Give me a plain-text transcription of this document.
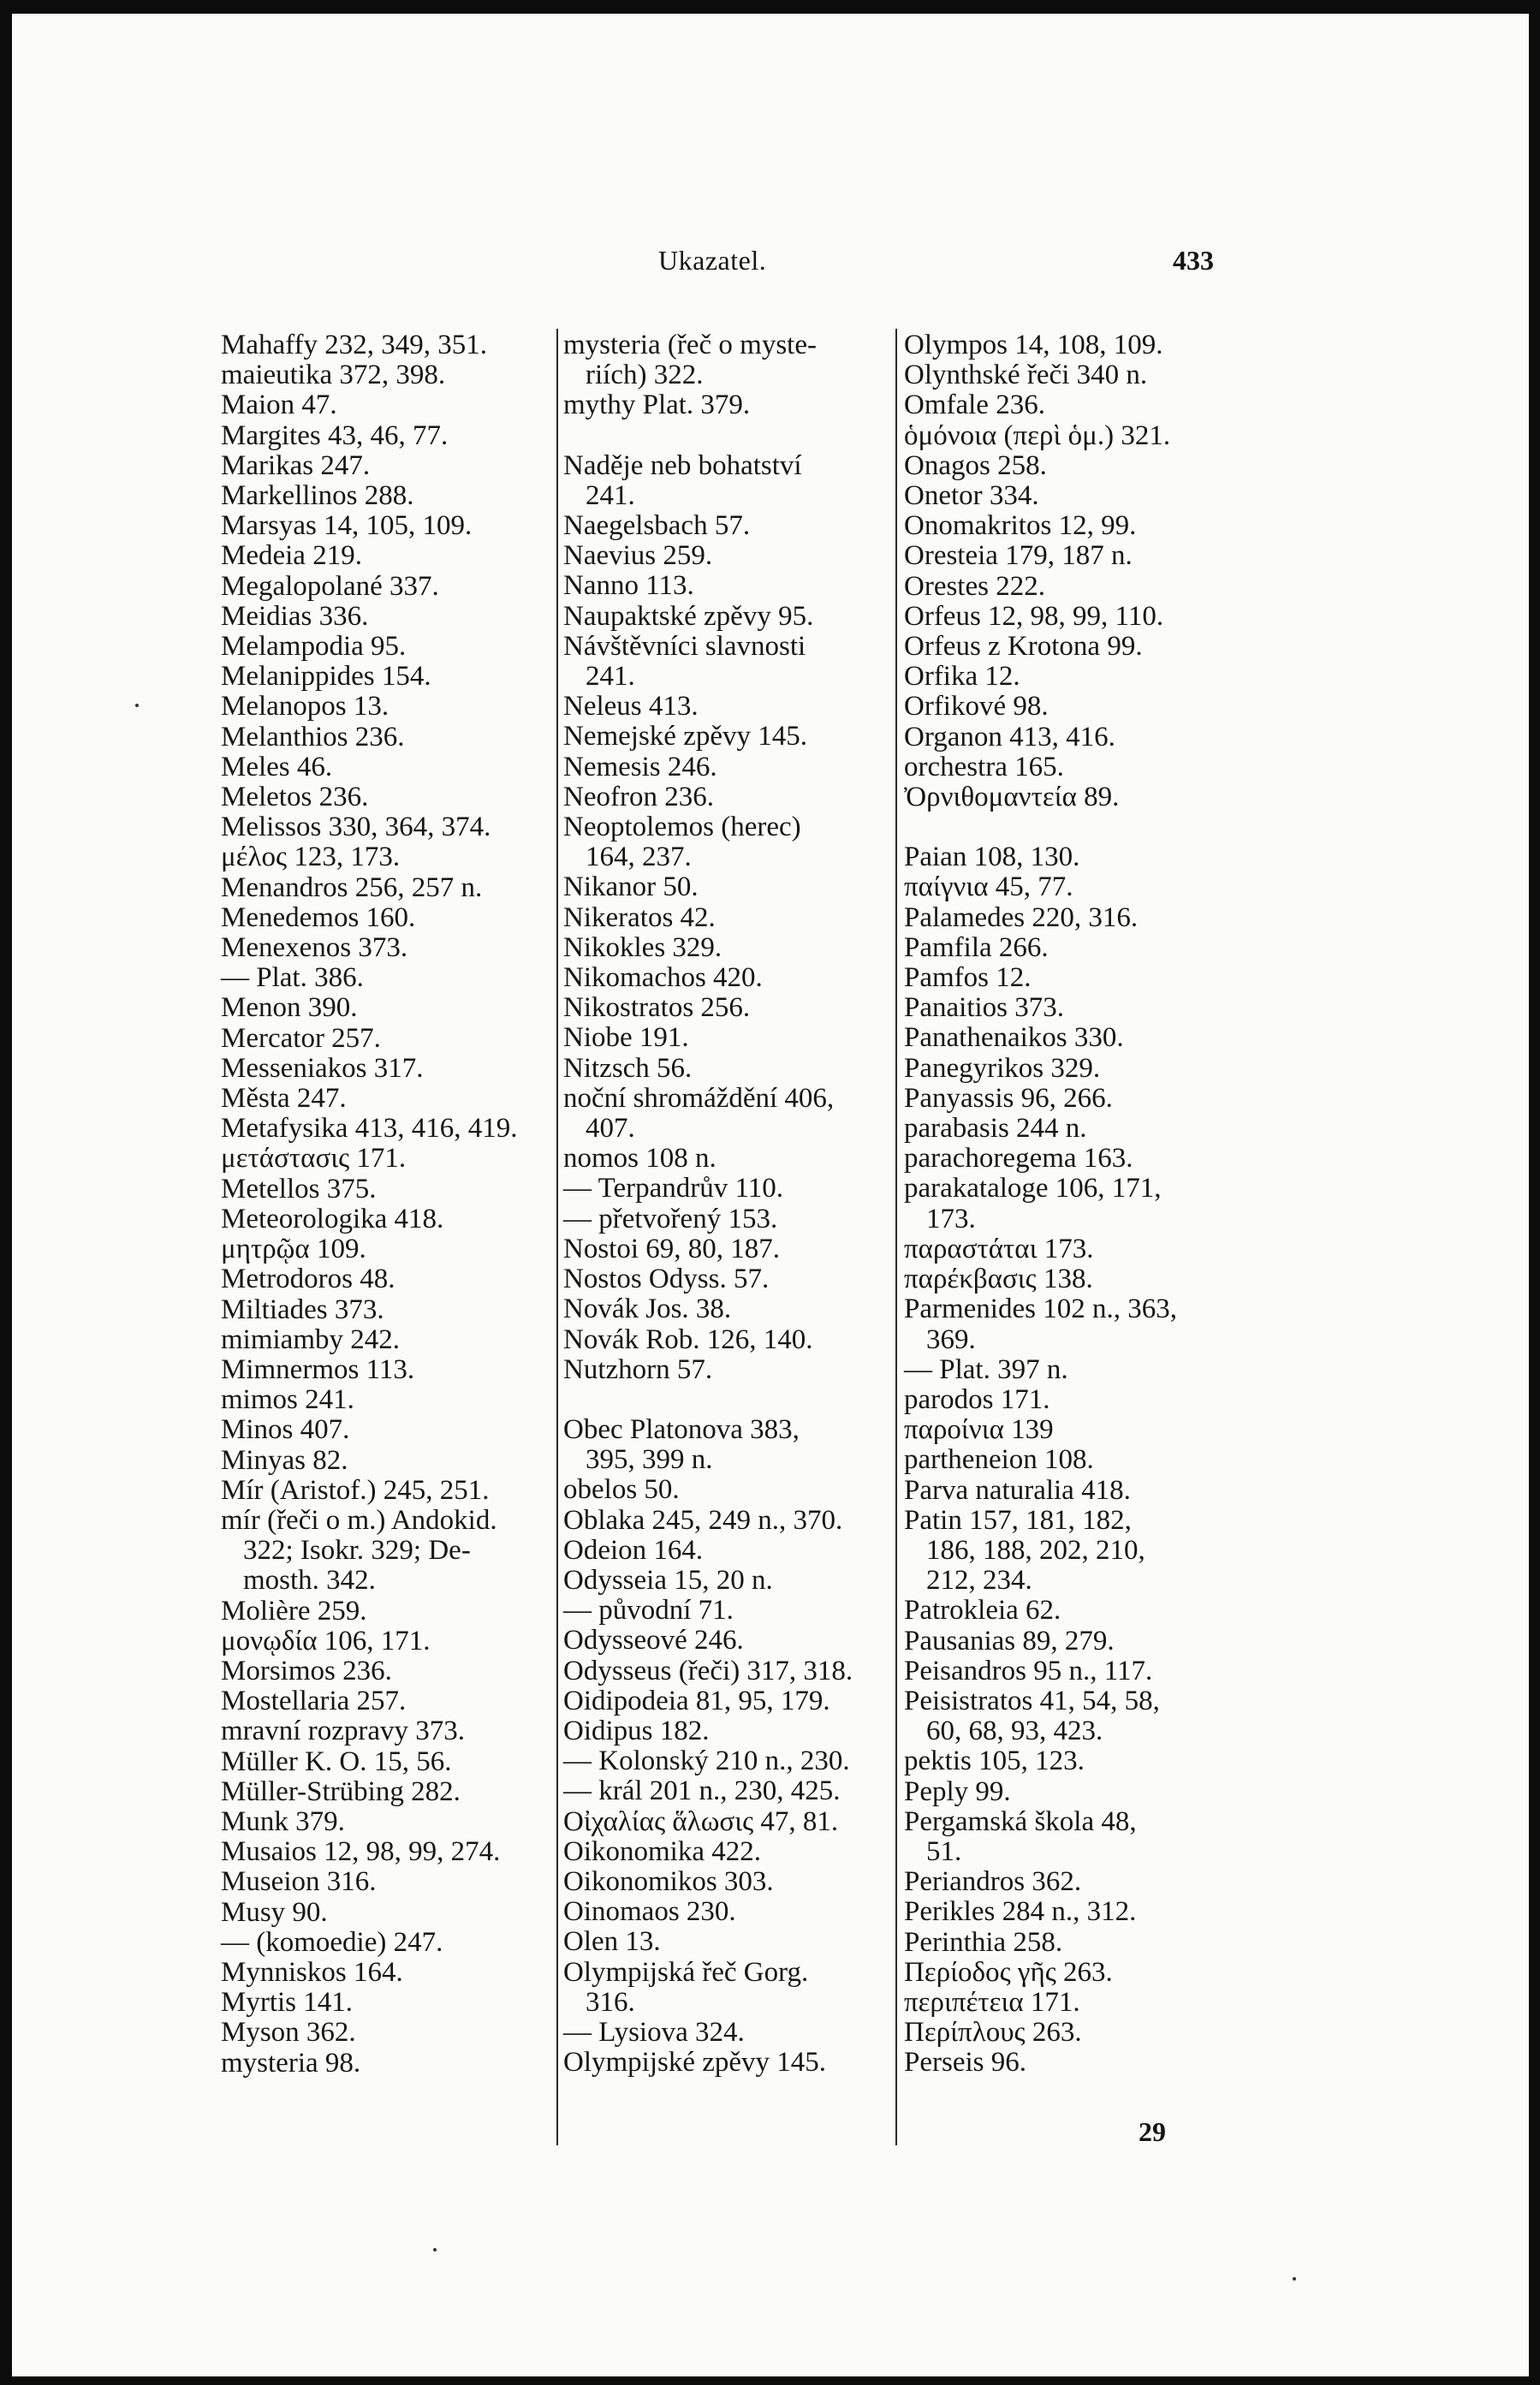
Ukazatel.	433
Mahaffy 232, 349, 351.
maieutika 372, 398.
Maion 47.
Margites 43, 46, 77.
Marikas 247.
Markellinos 288.
Marsyas 14, 105, 109.
Medeia 219.
Megalopolané 337.
Meidias 336.
Melampodia 95.
Melanippides 154.
Melanopos 13.
Melanthios 236.
Meles 46.
Meletos 236.
Melissos 330, 364, 374.
μέλος 123, 173.
Menandros 256, 257 n.
Menedemos 160.
Menexenos 373.
— Plat. 386.
Menon 390.
Mercator 257.
Messeniakos 317.
Města 247.
Metafysika 413, 416, 419.
μετάστασις 171.
Metellos 375.
Meteorologika 418.
μητρῷα 109.
Metrodoros 48.
Miltiades 373.
mimiamby 242.
Mimnermos 113.
mimos 241.
Minos 407.
Minyas 82.
Mír (Aristof.) 245, 251.
mír (řeči o m.) Andokid.
322; Isokr. 329; De-
mosth. 342.
Molière 259.
μονῳδία 106, 171.
Morsimos 236.
Mostellaria 257.
mravní rozpravy 373.
Müller K. O. 15, 56.
Müller-Strübing 282.
Munk 379.
Musaios 12, 98, 99, 274.
Museion 316.
Musy 90.
— (komoedie) 247.
Mynniskos 164.
Myrtis 141.
Myson 362.
mysteria 98.
mysteria (řeč o myste-
riích) 322.
mythy Plat. 379.
Naděje neb bohatství
241.
Naegelsbach 57.
Naevius 259.
Nanno 113.
Naupaktské zpěvy 95.
Návštěvníci slavnosti
241.
Neleus 413.
Nemejské zpěvy 145.
Nemesis 246.
Neofron 236.
Neoptolemos (herec)
164, 237.
Nikanor 50.
Nikeratos 42.
Nikokles 329.
Nikomachos 420.
Nikostratos 256.
Niobe 191.
Nitzsch 56.
noční shromáždění 406,
407.
nomos 108 n.
— Terpandrův 110.
— přetvořený 153.
Nostoi 69, 80, 187.
Nostos Odyss. 57.
Novák Jos. 38.
Novák Rob. 126, 140.
Nutzhorn 57.
Obec Platonova 383,
395, 399 n.
obelos 50.
Oblaka 245, 249 n., 370.
Odeion 164.
Odysseia 15, 20 n.
— původní 71.
Odysseové 246.
Odysseus (řeči) 317, 318.
Oidipodeia 81, 95, 179.
Oidipus 182.
— Kolonský 210 n., 230.
— král 201 n., 230, 425.
Οἰχαλίας ἅλωσις 47, 81.
Oikonomika 422.
Oikonomikos 303.
Oinomaos 230.
Olen 13.
Olympijská řeč Gorg.
316.
— Lysiova 324.
Olympijské zpěvy 145.
Olympos 14, 108, 109.
Olynthské řeči 340 n.
Omfale 236.
ὁμόνοια (περὶ ὁμ.) 321.
Onagos 258.
Onetor 334.
Onomakritos 12, 99.
Oresteia 179, 187 n.
Orestes 222.
Orfeus 12, 98, 99, 110.
Orfeus z Krotona 99.
Orfika 12.
Orfikové 98.
Organon 413, 416.
orchestra 165.
Ὀρνιθομαντεία 89.
Paian 108, 130.
παίγνια 45, 77.
Palamedes 220, 316.
Pamfila 266.
Pamfos 12.
Panaitios 373.
Panathenaikos 330.
Panegyrikos 329.
Panyassis 96, 266.
parabasis 244 n.
parachoregema 163.
parakataloge 106, 171,
173.
παραστάται 173.
παρέκβασις 138.
Parmenides 102 n., 363,
369.
— Plat. 397 n.
parodos 171.
παροίνια 139
partheneion 108.
Parva naturalia 418.
Patin 157, 181, 182,
186, 188, 202, 210,
212, 234.
Patrokleia 62.
Pausanias 89, 279.
Peisandros 95 n., 117.
Peisistratos 41, 54, 58,
60, 68, 93, 423.
pektis 105, 123.
Peply 99.
Pergamská škola 48,
51.
Periandros 362.
Perikles 284 n., 312.
Perinthia 258.
Περίοδος γῆς 263.
περιπέτεια 171.
Περίπλους 263.
Perseis 96.
29
